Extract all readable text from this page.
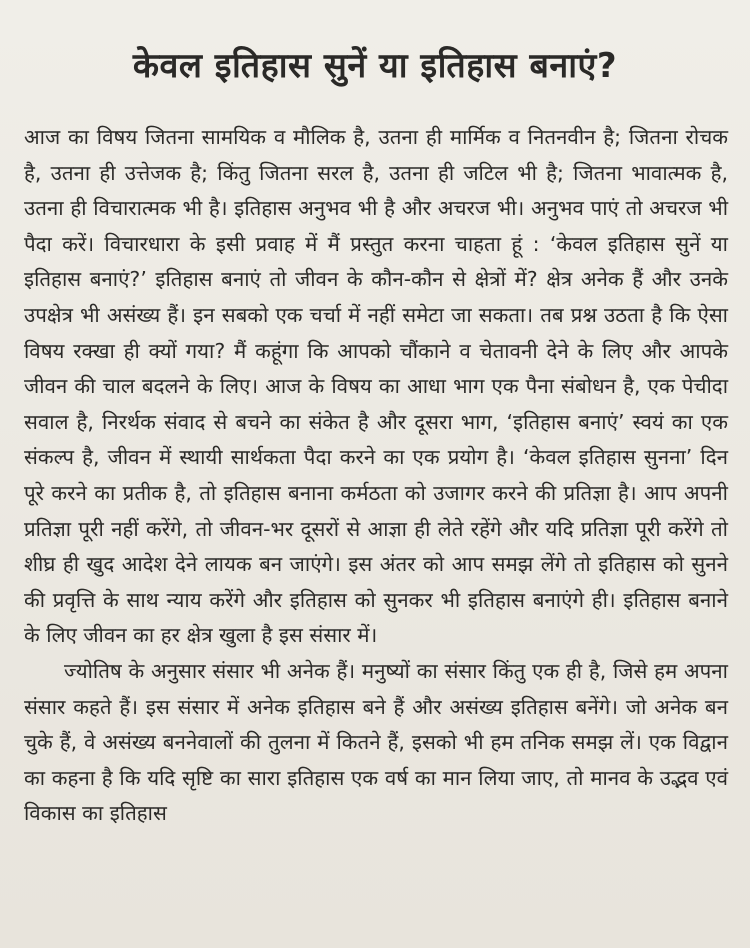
केवल इतिहास सुनें या इतिहास बनाएं?

आज का विषय जितना सामयिक व मौलिक है, उतना ही मार्मिक व नितनवीन है; जितना रोचक है, उतना ही उत्तेजक है; किंतु जितना सरल है, उतना ही जटिल भी है; जितना भावात्मक है, उतना ही विचारात्मक भी है। इतिहास अनुभव भी है और अचरज भी। अनुभव पाएं तो अचरज भी पैदा करें। विचारधारा के इसी प्रवाह में मैं प्रस्तुत करना चाहता हूं : ‘केवल इतिहास सुनें या इतिहास बनाएं?’ इतिहास बनाएं तो जीवन के कौन-कौन से क्षेत्रों में? क्षेत्र अनेक हैं और उनके उपक्षेत्र भी असंख्य हैं। इन सबको एक चर्चा में नहीं समेटा जा सकता। तब प्रश्न उठता है कि ऐसा विषय रक्खा ही क्यों गया? मैं कहूंगा कि आपको चौंकाने व चेतावनी देने के लिए और आपके जीवन की चाल बदलने के लिए। आज के विषय का आधा भाग एक पैना संबोधन है, एक पेचीदा सवाल है, निरर्थक संवाद से बचने का संकेत है और दूसरा भाग, ‘इतिहास बनाएं’ स्वयं का एक संकल्प है, जीवन में स्थायी सार्थकता पैदा करने का एक प्रयोग है। ‘केवल इतिहास सुनना’ दिन पूरे करने का प्रतीक है, तो इतिहास बनाना कर्मठता को उजागर करने की प्रतिज्ञा है। आप अपनी प्रतिज्ञा पूरी नहीं करेंगे, तो जीवन-भर दूसरों से आज्ञा ही लेते रहेंगे और यदि प्रतिज्ञा पूरी करेंगे तो शीघ्र ही खुद आदेश देने लायक बन जाएंगे। इस अंतर को आप समझ लेंगे तो इतिहास को सुनने की प्रवृत्ति के साथ न्याय करेंगे और इतिहास को सुनकर भी इतिहास बनाएंगे ही। इतिहास बनाने के लिए जीवन का हर क्षेत्र खुला है इस संसार में।

ज्योतिष के अनुसार संसार भी अनेक हैं। मनुष्यों का संसार किंतु एक ही है, जिसे हम अपना संसार कहते हैं। इस संसार में अनेक इतिहास बने हैं और असंख्य इतिहास बनेंगे। जो अनेक बन चुके हैं, वे असंख्य बननेवालों की तुलना में कितने हैं, इसको भी हम तनिक समझ लें। एक विद्वान का कहना है कि यदि सृष्टि का सारा इतिहास एक वर्ष का मान लिया जाए, तो मानव के उद्भव एवं विकास का इतिहास
